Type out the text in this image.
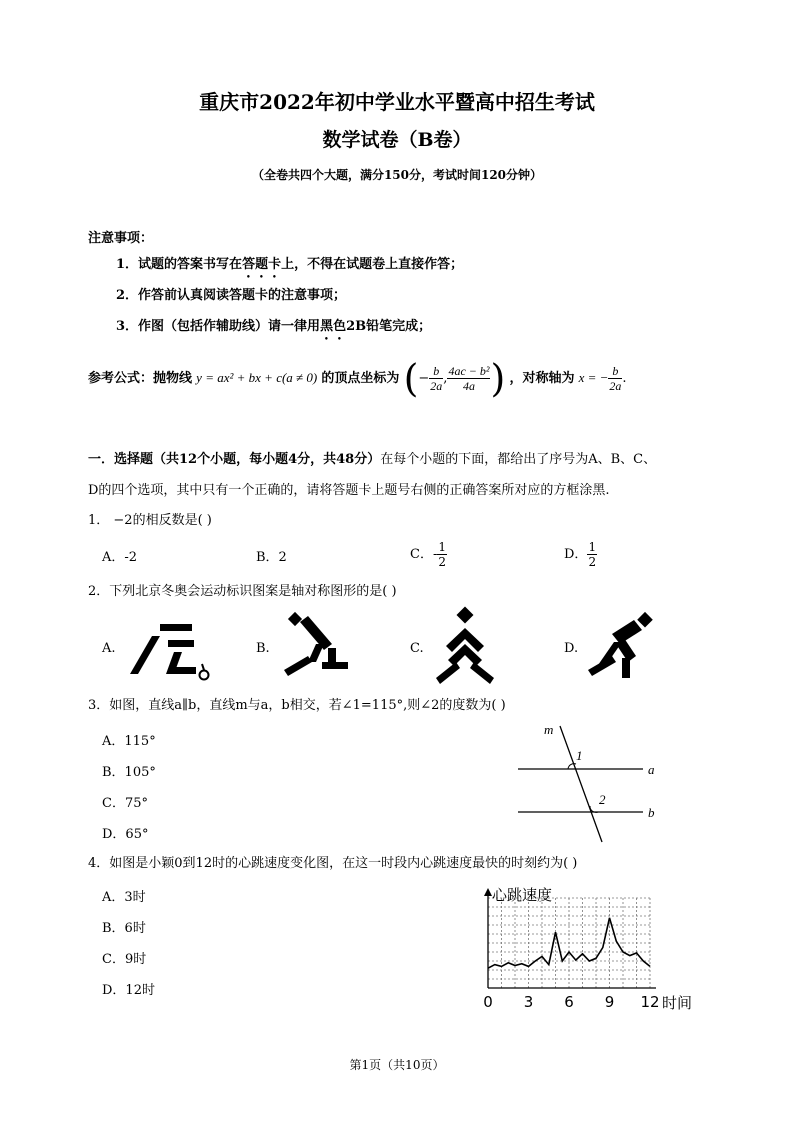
重庆市2022年初中学业水平暨高中招生考试
数学试卷（B卷）
（全卷共四个大题，满分150分，考试时间120分钟）
注意事项：
1．试题的答案书写在答题卡上，不得在试题卷上直接作答；
2．作答前认真阅读答题卡的注意事项；
3．作图（包括作辅助线）请一律用黑色2B铅笔完成；
参考公式：抛物线 y = ax² + bx + c(a ≠ 0) 的顶点坐标为 (− $\frac{b}{2a}$ , $\frac{\text{4ac − b²}}{4a}$ ) ，对称轴为 x = − $\frac{b}{2a}$ .
一．选择题（共12个小题，每小题4分，共48分）在每个小题的下面，都给出了序号为A、B、C、
D的四个选项，其中只有一个正确的，请将答题卡上题号右侧的正确答案所对应的方框涂黑.
1． −2的相反数是( )
A．-2	B．2	C．- $\frac{1}{2}$	D． $\frac{1}{2}$
2．下列北京冬奥会运动标识图案是轴对称图形的是( )
A.	B.	C.	D.
3．如图，直线a∥b，直线m与a，b相交，若∠1=115°,则∠2的度数为( )
A．115°
B．105°
C．75°
D．65°
m
a
b
1
2
4．如图是小颖0到12时的心跳速度变化图，在这一时段内心跳速度最快的时刻约为( )
A．3时
B．6时
C．9时
D．12时
心跳速度
时间
0 3 6 9 12
第1页（共10页）
